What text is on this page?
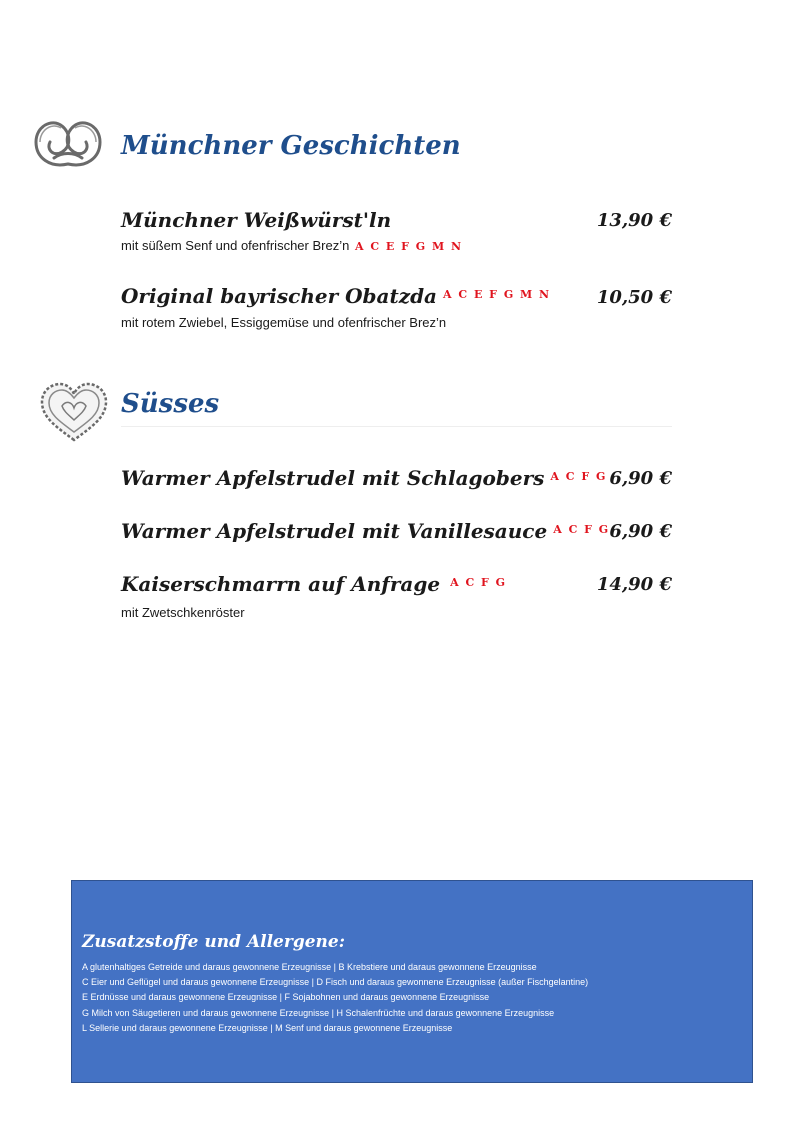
Münchner Geschichten
Münchner Weißwürst'ln	13,90 €
mit süßem Senf und ofenfrischer Brez’n A C E F G M N
Original bayrischer Obatzda $^{A C E F G M N}$	10,50 €
mit rotem Zwiebel, Essiggemüse und ofenfrischer Brez’n
Süsses
Warmer Apfelstrudel mit Schlagobers $^{A C F G}$ 6,90 €
Warmer Apfelstrudel mit Vanillesauce $^{A C F G}$ 6,90 €
Kaiserschmarrn auf Anfrage $^{A C F G}$	14,90 €
mit Zwetschkenröster
Zusatzstoffe und Allergene:
A glutenhaltiges Getreide und daraus gewonnene Erzeugnisse | B Krebstiere und daraus gewonnene Erzeugnisse
C Eier und Geflügel und daraus gewonnene Erzeugnisse | D Fisch und daraus gewonnene Erzeugnisse (außer Fischgelantine)
E Erdnüsse und daraus gewonnene Erzeugnisse | F Sojabohnen und daraus gewonnene Erzeugnisse
G Milch von Säugetieren und daraus gewonnene Erzeugnisse | H Schalenfrüchte und daraus gewonnene Erzeugnisse
L Sellerie und daraus gewonnene Erzeugnisse | M Senf und daraus gewonnene Erzeugnisse
